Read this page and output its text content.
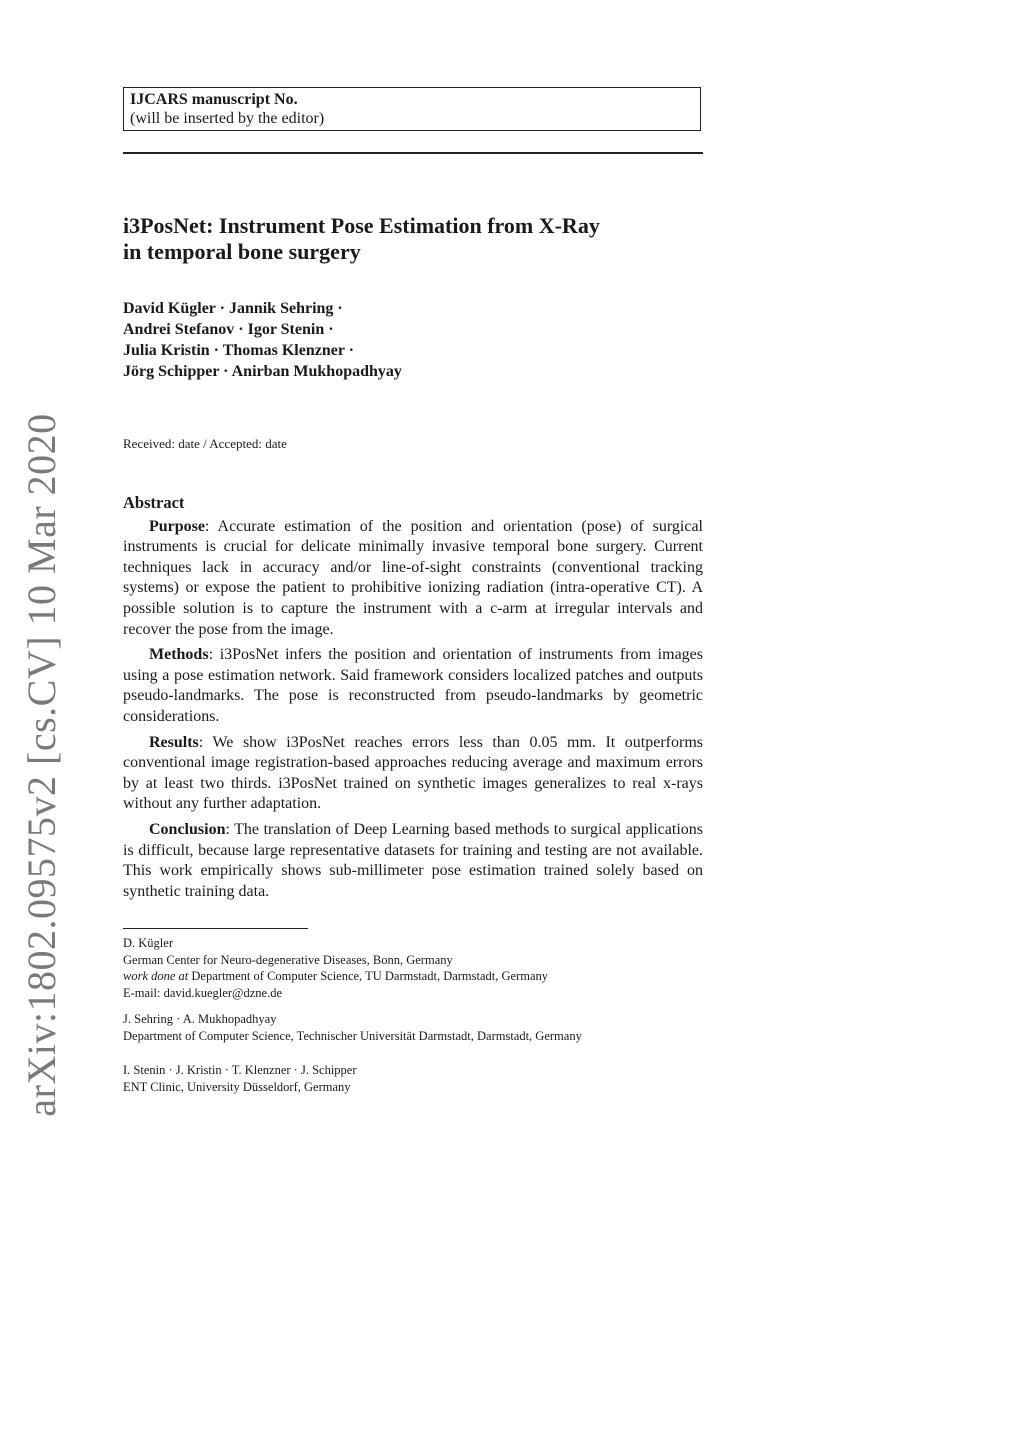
arXiv:1802.09575v2 [cs.CV] 10 Mar 2020
IJCARS manuscript No.
(will be inserted by the editor)
i3PosNet: Instrument Pose Estimation from X-Ray
in temporal bone surgery
David Kügler · Jannik Sehring ·
Andrei Stefanov · Igor Stenin ·
Julia Kristin · Thomas Klenzner ·
Jörg Schipper · Anirban Mukhopadhyay
Received: date / Accepted: date
Abstract

Purpose: Accurate estimation of the position and orientation (pose) of surgical instruments is crucial for delicate minimally invasive temporal bone surgery. Current techniques lack in accuracy and/or line-of-sight constraints (conventional tracking systems) or expose the patient to prohibitive ionizing radiation (intra-operative CT). A possible solution is to capture the instrument with a c-arm at irregular intervals and recover the pose from the image.

Methods: i3PosNet infers the position and orientation of instruments from images using a pose estimation network. Said framework considers localized patches and outputs pseudo-landmarks. The pose is reconstructed from pseudo-landmarks by geometric considerations.

Results: We show i3PosNet reaches errors less than 0.05 mm. It outperforms conventional image registration-based approaches reducing average and maximum errors by at least two thirds. i3PosNet trained on synthetic images generalizes to real x-rays without any further adaptation.

Conclusion: The translation of Deep Learning based methods to surgical applications is difficult, because large representative datasets for training and testing are not available. This work empirically shows sub-millimeter pose estimation trained solely based on synthetic training data.

D. Kügler
German Center for Neuro-degenerative Diseases, Bonn, Germany
work done at Department of Computer Science, TU Darmstadt, Darmstadt, Germany
E-mail: david.kuegler@dzne.de
J. Sehring · A. Mukhopadhyay
Department of Computer Science, Technischer Universität Darmstadt, Darmstadt, Germany
I. Stenin · J. Kristin · T. Klenzner · J. Schipper
ENT Clinic, University Düsseldorf, Germany
